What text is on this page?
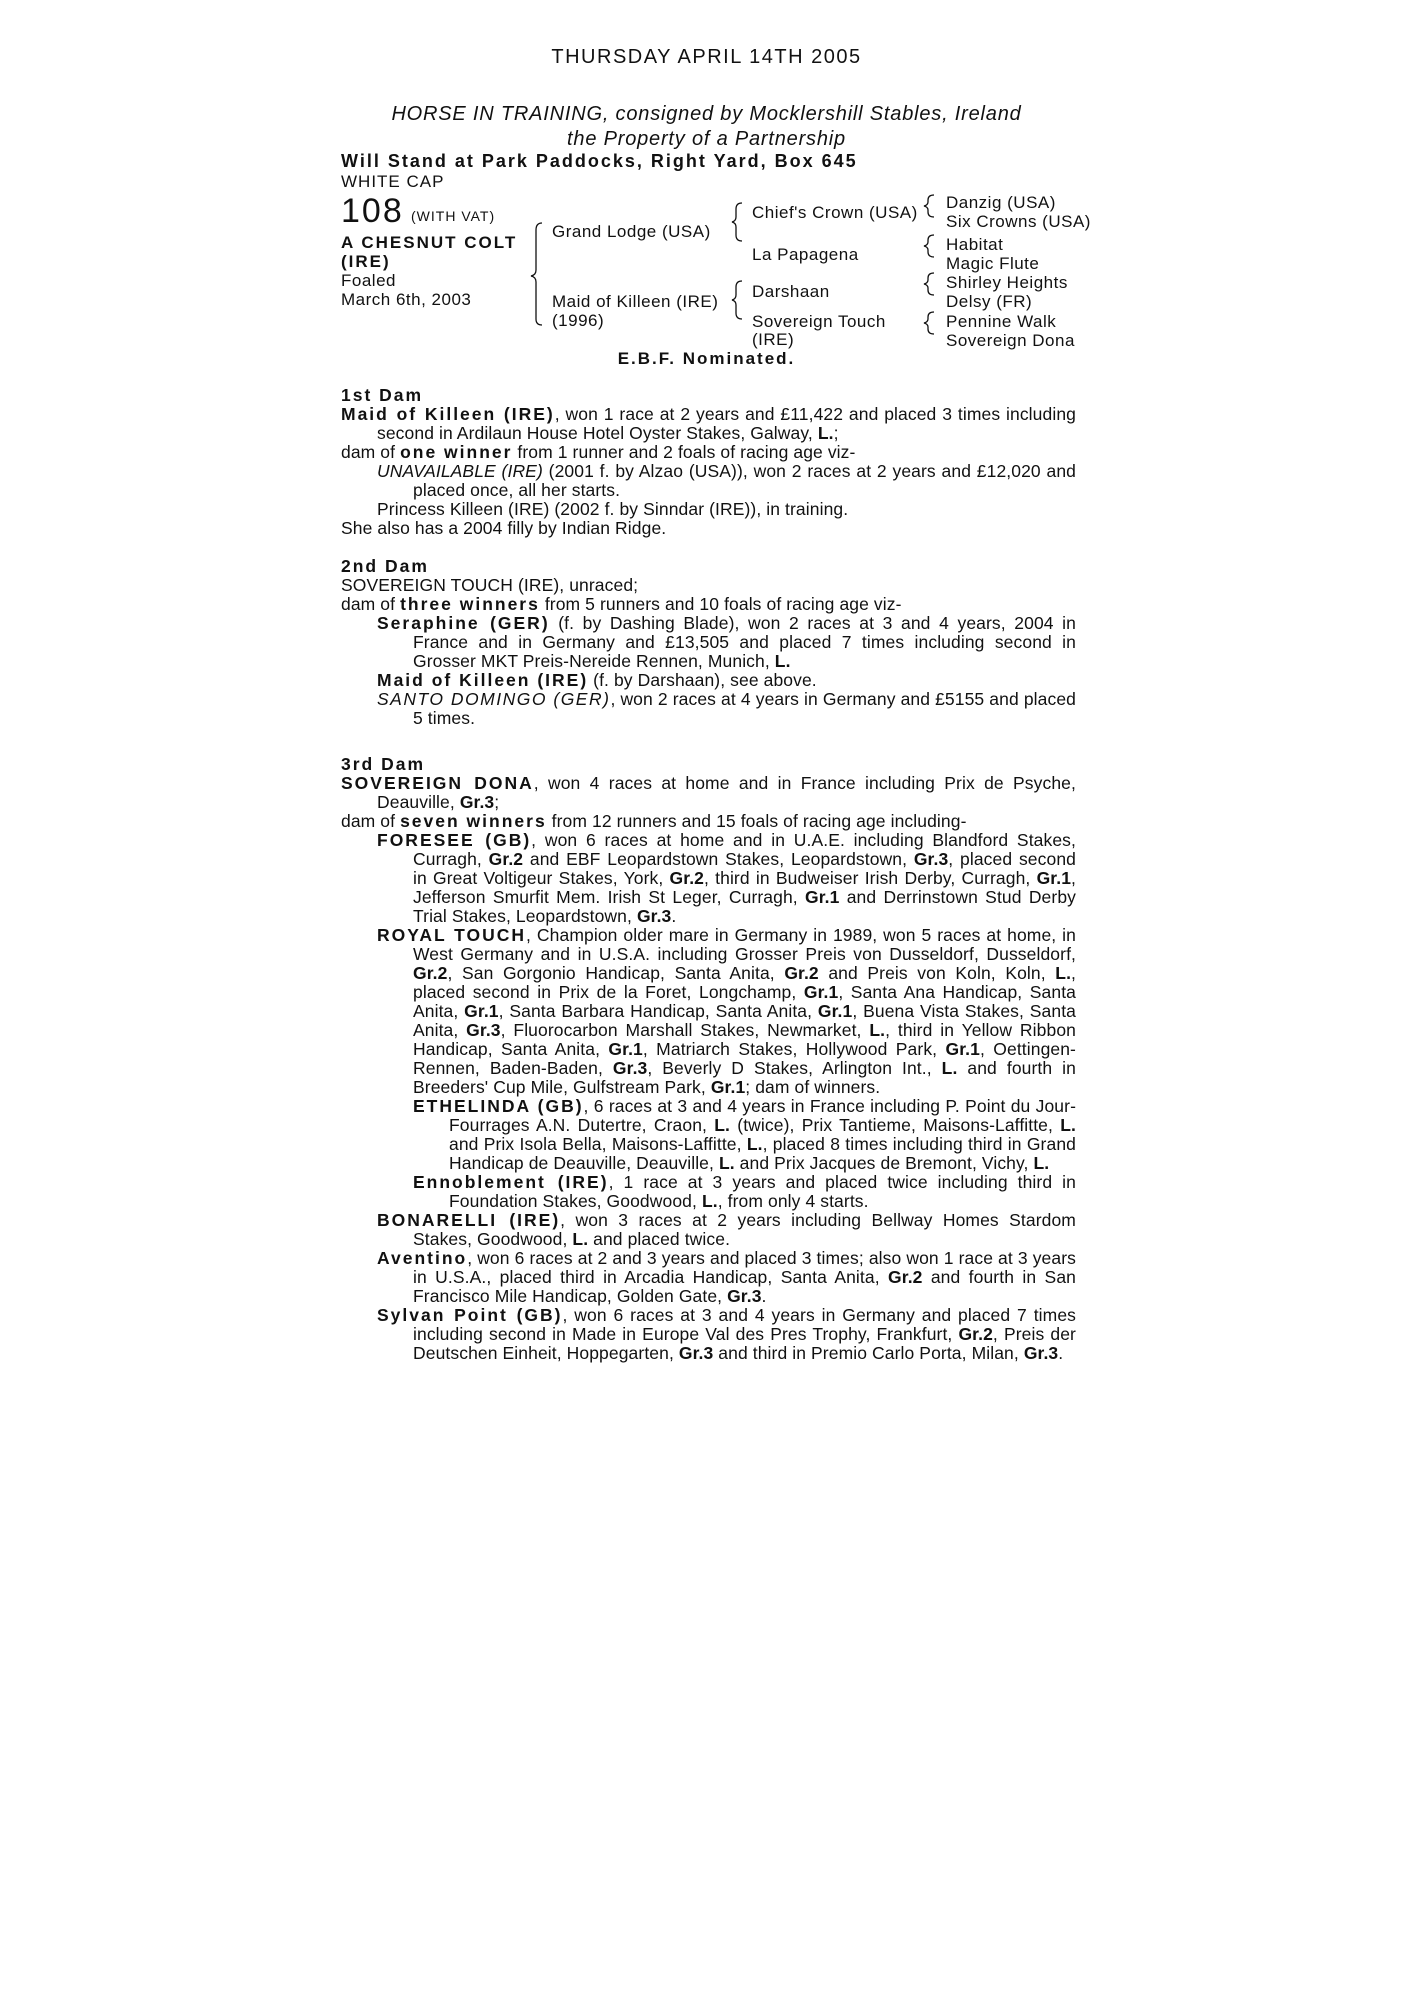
THURSDAY APRIL 14TH 2005
HORSE IN TRAINING, consigned by Mocklershill Stables, Ireland
the Property of a Partnership
Will Stand at Park Paddocks, Right Yard, Box 645
WHITE CAP
108 (WITH VAT)
A CHESNUT COLT
(IRE)
Foaled
March 6th, 2003
Grand Lodge (USA)
Maid of Killeen (IRE)
(1996)
Chief's Crown (USA)
La Papagena
Darshaan
Sovereign Touch
(IRE)
Danzig (USA)
Six Crowns (USA)
Habitat
Magic Flute
Shirley Heights
Delsy (FR)
Pennine Walk
Sovereign Dona
E.B.F. Nominated.
1st Dam

Maid of Killeen (IRE), won 1 race at 2 years and £11,422 and placed 3 times including second in Ardilaun House Hotel Oyster Stakes, Galway, L.;

dam of one winner from 1 runner and 2 foals of racing age viz-

UNAVAILABLE (IRE) (2001 f. by Alzao (USA)), won 2 races at 2 years and £12,020 and placed once, all her starts.

Princess Killeen (IRE) (2002 f. by Sinndar (IRE)), in training.

She also has a 2004 filly by Indian Ridge.

2nd Dam

SOVEREIGN TOUCH (IRE), unraced;

dam of three winners from 5 runners and 10 foals of racing age viz-

Seraphine (GER) (f. by Dashing Blade), won 2 races at 3 and 4 years, 2004 in France and in Germany and £13,505 and placed 7 times including second in Grosser MKT Preis-Nereide Rennen, Munich, L.

Maid of Killeen (IRE) (f. by Darshaan), see above.

SANTO DOMINGO (GER), won 2 races at 4 years in Germany and £5155 and placed 5 times.

3rd Dam

SOVEREIGN DONA, won 4 races at home and in France including Prix de Psyche, Deauville, Gr.3;

dam of seven winners from 12 runners and 15 foals of racing age including-

FORESEE (GB), won 6 races at home and in U.A.E. including Blandford Stakes, Curragh, Gr.2 and EBF Leopardstown Stakes, Leopardstown, Gr.3, placed second in Great Voltigeur Stakes, York, Gr.2, third in Budweiser Irish Derby, Curragh, Gr.1, Jefferson Smurfit Mem. Irish St Leger, Curragh, Gr.1 and Derrinstown Stud Derby Trial Stakes, Leopardstown, Gr.3.

ROYAL TOUCH, Champion older mare in Germany in 1989, won 5 races at home, in West Germany and in U.S.A. including Grosser Preis von Dusseldorf, Dusseldorf, Gr.2, San Gorgonio Handicap, Santa Anita, Gr.2 and Preis von Koln, Koln, L., placed second in Prix de la Foret, Longchamp, Gr.1, Santa Ana Handicap, Santa Anita, Gr.1, Santa Barbara Handicap, Santa Anita, Gr.1, Buena Vista Stakes, Santa Anita, Gr.3, Fluorocarbon Marshall Stakes, Newmarket, L., third in Yellow Ribbon Handicap, Santa Anita, Gr.1, Matriarch Stakes, Hollywood Park, Gr.1, Oettingen-Rennen, Baden-Baden, Gr.3, Beverly D Stakes, Arlington Int., L. and fourth in Breeders' Cup Mile, Gulfstream Park, Gr.1; dam of winners.

ETHELINDA (GB), 6 races at 3 and 4 years in France including P. Point du Jour-Fourrages A.N. Dutertre, Craon, L. (twice), Prix Tantieme, Maisons-Laffitte, L. and Prix Isola Bella, Maisons-Laffitte, L., placed 8 times including third in Grand Handicap de Deauville, Deauville, L. and Prix Jacques de Bremont, Vichy, L.

Ennoblement (IRE), 1 race at 3 years and placed twice including third in Foundation Stakes, Goodwood, L., from only 4 starts.

BONARELLI (IRE), won 3 races at 2 years including Bellway Homes Stardom Stakes, Goodwood, L. and placed twice.

Aventino, won 6 races at 2 and 3 years and placed 3 times; also won 1 race at 3 years in U.S.A., placed third in Arcadia Handicap, Santa Anita, Gr.2 and fourth in San Francisco Mile Handicap, Golden Gate, Gr.3.

Sylvan Point (GB), won 6 races at 3 and 4 years in Germany and placed 7 times including second in Made in Europe Val des Pres Trophy, Frankfurt, Gr.2, Preis der Deutschen Einheit, Hoppegarten, Gr.3 and third in Premio Carlo Porta, Milan, Gr.3.
